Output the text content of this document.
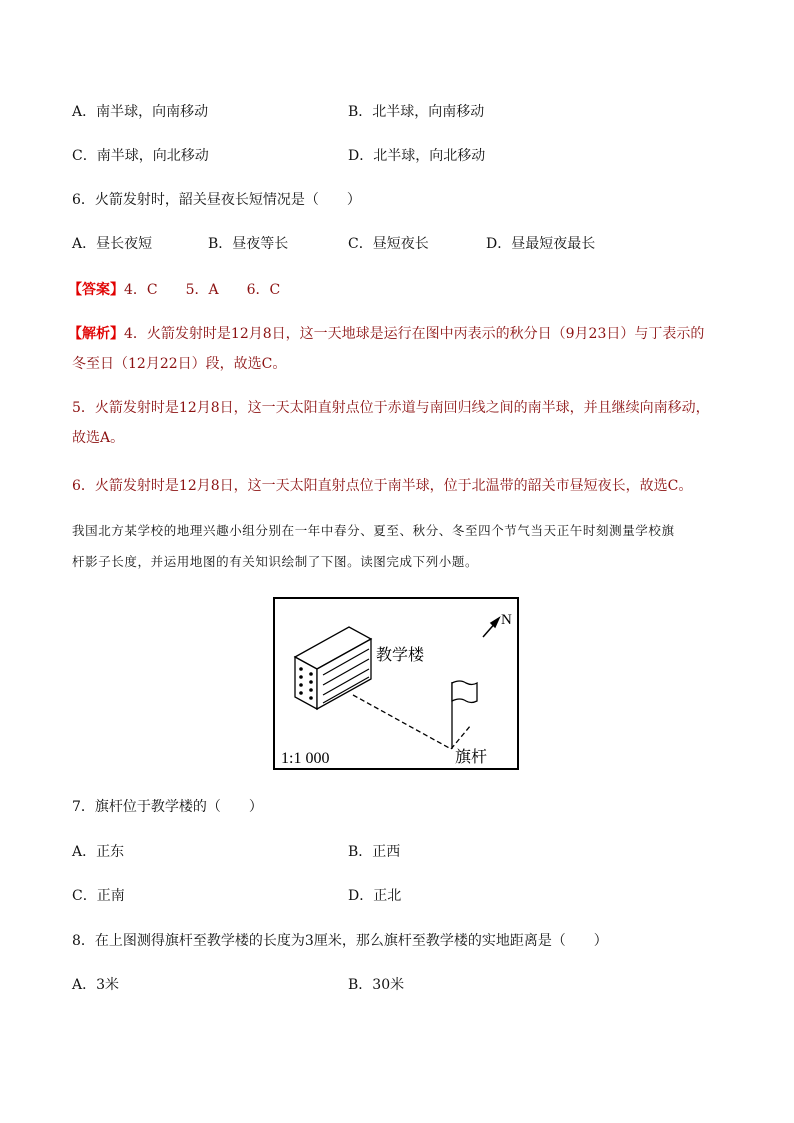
A．南半球，向南移动	B．北半球，向南移动
C．南半球，向北移动	D．北半球，向北移动
6．火箭发射时，韶关昼夜长短情况是（　　）
A．昼长夜短	B．昼夜等长	C．昼短夜长	D．昼最短夜最长
【答案】4．C　　5．A　　6．C
【解析】4．火箭发射时是12月8日，这一天地球是运行在图中丙表示的秋分日（9月23日）与丁表示的
冬至日（12月22日）段，故选C。
5．火箭发射时是12月8日，这一天太阳直射点位于赤道与南回归线之间的南半球，并且继续向南移动，
故选A。
6．火箭发射时是12月8日，这一天太阳直射点位于南半球，位于北温带的韶关市昼短夜长，故选C。
我国北方某学校的地理兴趣小组分别在一年中春分、夏至、秋分、冬至四个节气当天正午时刻测量学校旗
杆影子长度，并运用地图的有关知识绘制了下图。读图完成下列小题。
N
教学楼
旗杆
1:1 000
7．旗杆位于教学楼的（　　）
A．正东	B．正西
C．正南	D．正北
8．在上图测得旗杆至教学楼的长度为3厘米，那么旗杆至教学楼的实地距离是（　　）
A．3米	B．30米
